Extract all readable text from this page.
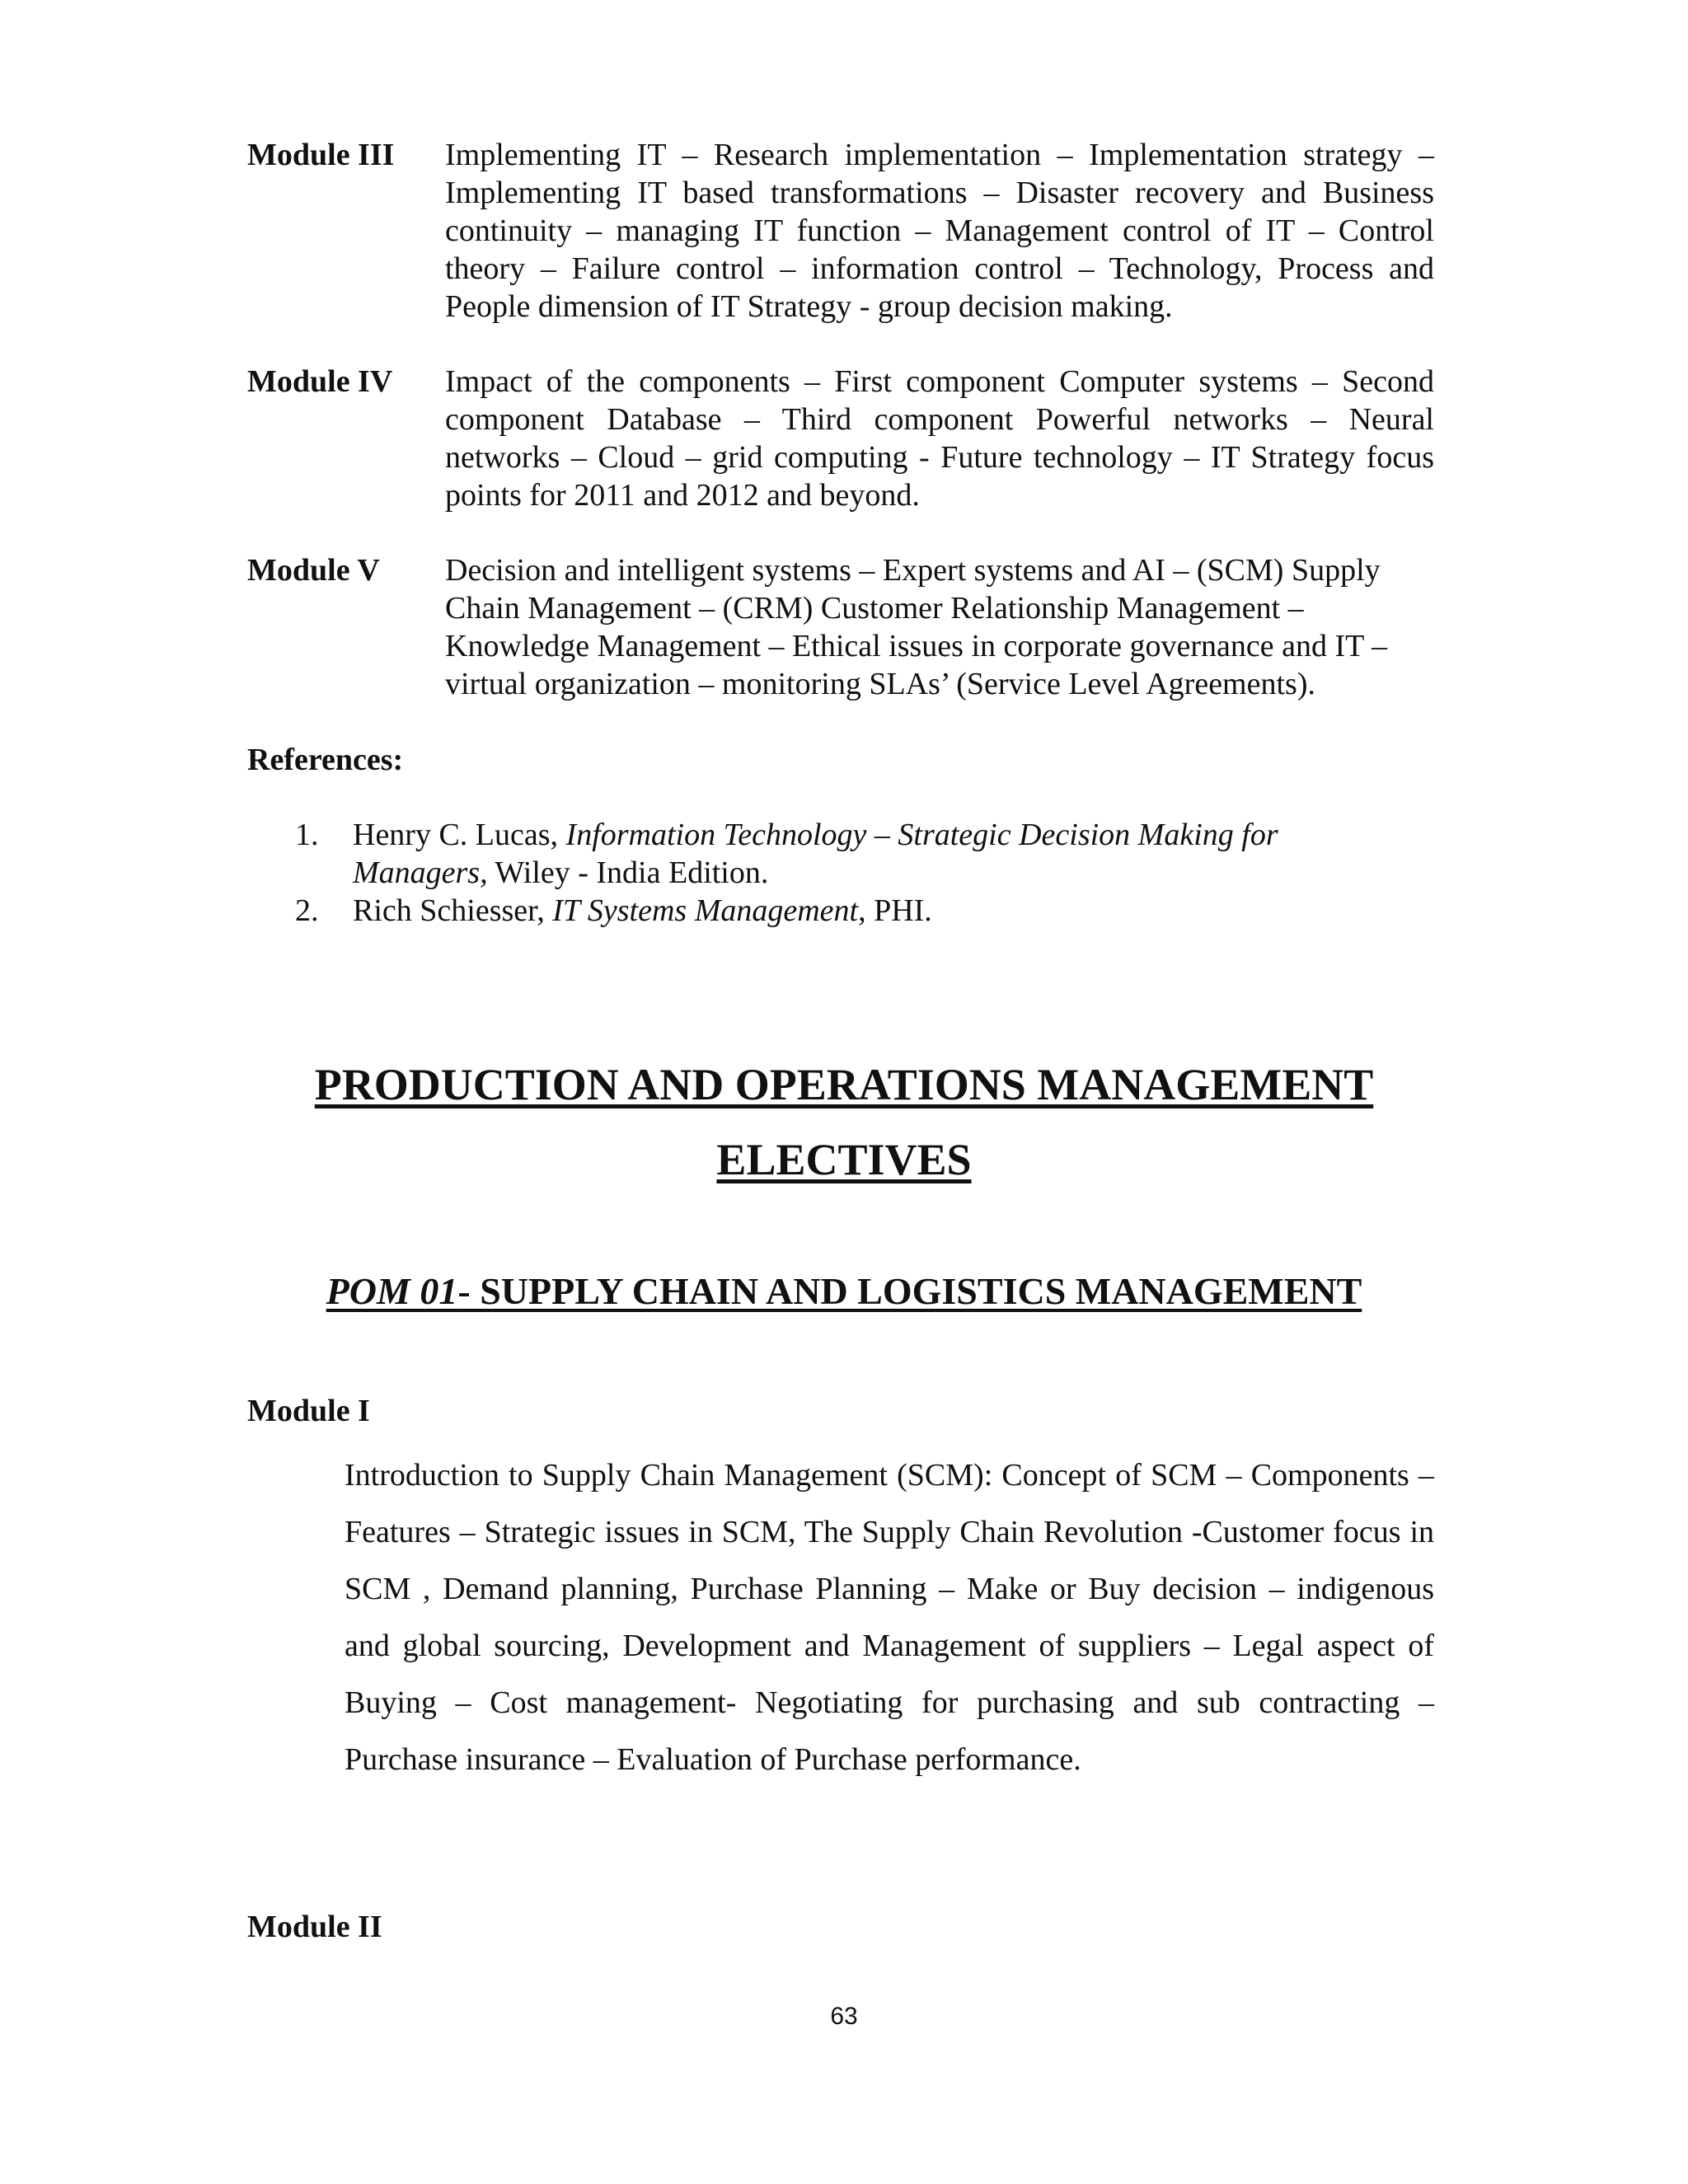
Module III Implementing IT – Research implementation – Implementation strategy – Implementing IT based transformations – Disaster recovery and Business continuity – managing IT function – Management control of IT – Control theory – Failure control – information control – Technology, Process and People dimension of IT Strategy - group decision making.
Module IV Impact of the components – First component Computer systems – Second component Database – Third component Powerful networks – Neural networks – Cloud – grid computing - Future technology – IT Strategy focus points for 2011 and 2012 and beyond.
Module V Decision and intelligent systems – Expert systems and AI – (SCM) Supply Chain Management – (CRM) Customer Relationship Management – Knowledge Management – Ethical issues in corporate governance and IT – virtual organization – monitoring SLAs’ (Service Level Agreements).
References:
1. Henry C. Lucas, Information Technology – Strategic Decision Making for Managers, Wiley - India Edition.
2. Rich Schiesser, IT Systems Management, PHI.
PRODUCTION AND OPERATIONS MANAGEMENT
ELECTIVES
POM 01- SUPPLY CHAIN AND LOGISTICS MANAGEMENT
Module I
Introduction to Supply Chain Management (SCM): Concept of SCM – Components – Features – Strategic issues in SCM, The Supply Chain Revolution -Customer focus in SCM , Demand planning, Purchase Planning – Make or Buy decision – indigenous and global sourcing, Development and Management of suppliers – Legal aspect of Buying – Cost management- Negotiating for purchasing and sub contracting – Purchase insurance – Evaluation of Purchase performance.
Module II
63
